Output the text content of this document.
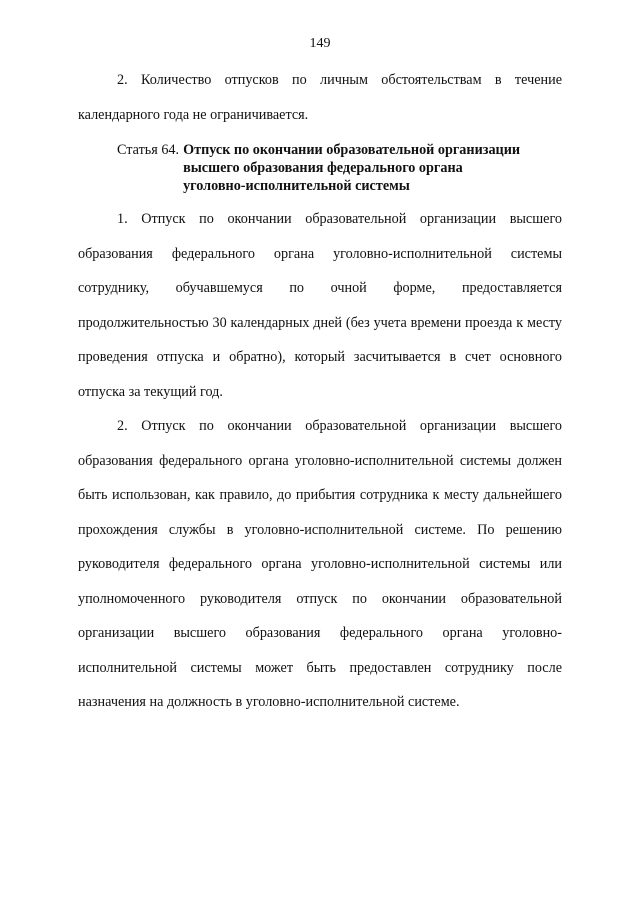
149

2. Количество отпусков по личным обстоятельствам в течение календарного года не ограничивается.

Статья 64. Отпуск по окончании образовательной организации
высшего образования федерального органа
уголовно-исполнительной системы

1. Отпуск по окончании образовательной организации высшего образования федерального органа уголовно-исполнительной системы сотруднику, обучавшемуся по очной форме, предоставляется продолжительностью 30 календарных дней (без учета времени проезда к месту проведения отпуска и обратно), который засчитывается в счет основного отпуска за текущий год.

2. Отпуск по окончании образовательной организации высшего образования федерального органа уголовно-исполнительной системы должен быть использован, как правило, до прибытия сотрудника к месту дальнейшего прохождения службы в уголовно-исполнительной системе. По решению руководителя федерального органа уголовно-исполнительной системы или уполномоченного руководителя отпуск по окончании образовательной организации высшего образования федерального органа уголовно-исполнительной системы может быть предоставлен сотруднику после назначения на должность в уголовно-исполнительной системе.
